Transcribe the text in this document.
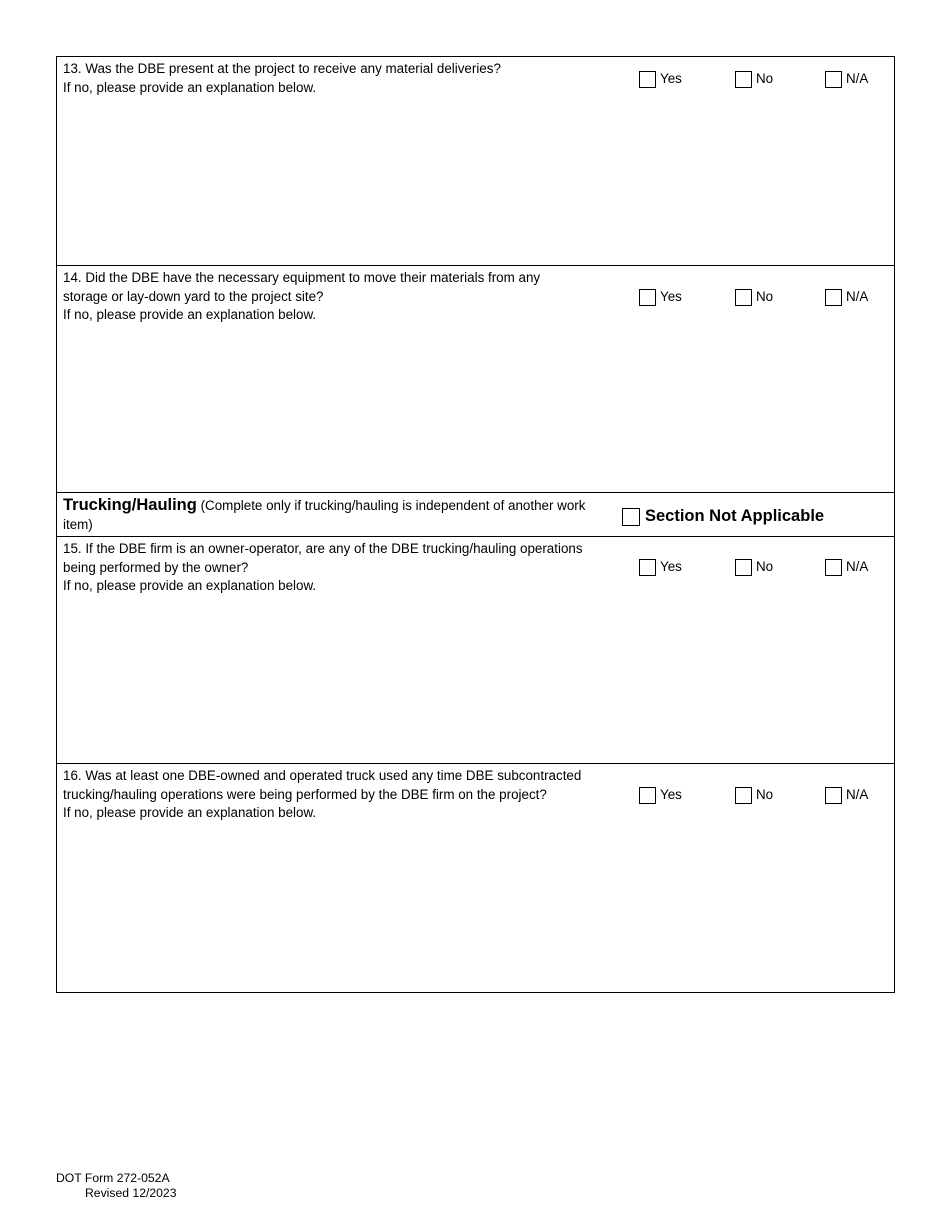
13. Was the DBE present at the project to receive any material deliveries?
If no, please provide an explanation below.
Yes	No	N/A
14. Did the DBE have the necessary equipment to move their materials from any
storage or lay-down yard to the project site?
If no, please provide an explanation below.
Yes	No	N/A
Trucking/Hauling (Complete only if trucking/hauling is independent of another work
item)	Section Not Applicable
15. If the DBE firm is an owner-operator, are any of the DBE trucking/hauling operations
being performed by the owner?
If no, please provide an explanation below.
Yes	No	N/A
16. Was at least one DBE-owned and operated truck used any time DBE subcontracted
trucking/hauling operations were being performed by the DBE firm on the project?
If no, please provide an explanation below.
Yes	No	N/A
DOT Form 272-052A
Revised 12/2023
